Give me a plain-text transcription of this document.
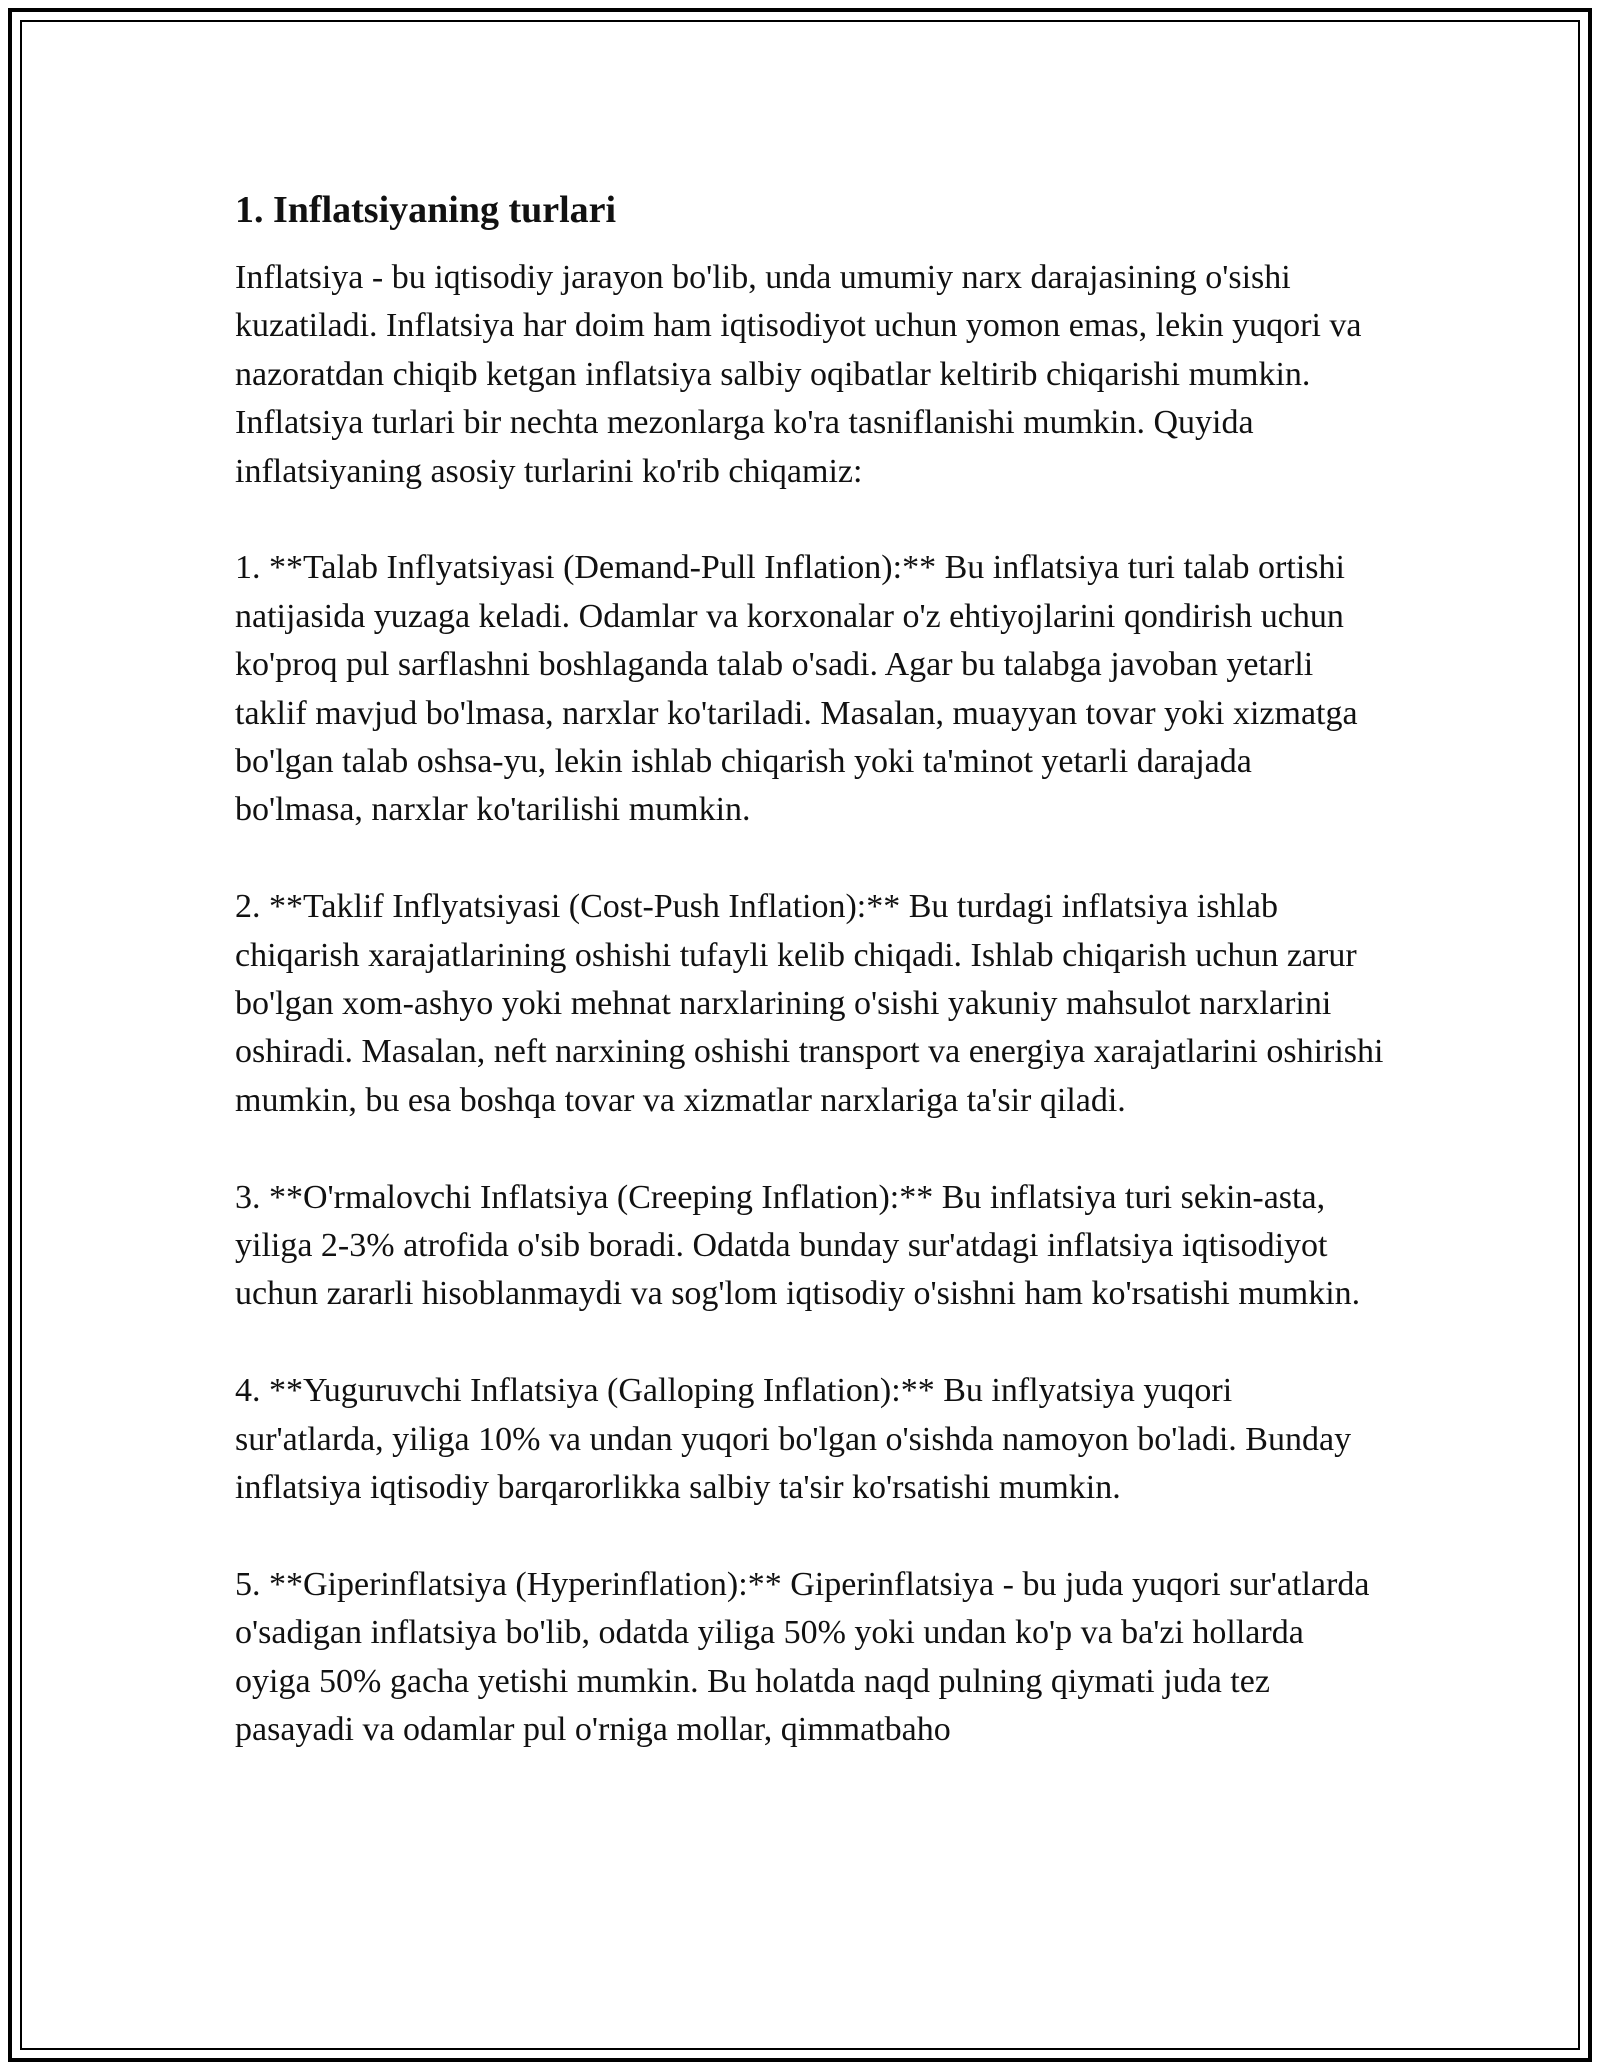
1. Inflatsiyaning turlari

Inflatsiya - bu iqtisodiy jarayon bo'lib, unda umumiy narx darajasining o'sishi kuzatiladi. Inflatsiya har doim ham iqtisodiyot uchun yomon emas, lekin yuqori va nazoratdan chiqib ketgan inflatsiya salbiy oqibatlar keltirib chiqarishi mumkin. Inflatsiya turlari bir nechta mezonlarga ko'ra tasniflanishi mumkin. Quyida inflatsiyaning asosiy turlarini ko'rib chiqamiz:

1. **Talab Inflyatsiyasi (Demand-Pull Inflation):** Bu inflatsiya turi talab ortishi natijasida yuzaga keladi. Odamlar va korxonalar o'z ehtiyojlarini qondirish uchun ko'proq pul sarflashni boshlaganda talab o'sadi. Agar bu talabga javoban yetarli taklif mavjud bo'lmasa, narxlar ko'tariladi. Masalan, muayyan tovar yoki xizmatga bo'lgan talab oshsa-yu, lekin ishlab chiqarish yoki ta'minot yetarli darajada bo'lmasa, narxlar ko'tarilishi mumkin.

2. **Taklif Inflyatsiyasi (Cost-Push Inflation):** Bu turdagi inflatsiya ishlab chiqarish xarajatlarining oshishi tufayli kelib chiqadi. Ishlab chiqarish uchun zarur bo'lgan xom-ashyo yoki mehnat narxlarining o'sishi yakuniy mahsulot narxlarini oshiradi. Masalan, neft narxining oshishi transport va energiya xarajatlarini oshirishi mumkin, bu esa boshqa tovar va xizmatlar narxlariga ta'sir qiladi.

3. **O'rmalovchi Inflatsiya (Creeping Inflation):** Bu inflatsiya turi sekin-asta, yiliga 2-3% atrofida o'sib boradi. Odatda bunday sur'atdagi inflatsiya iqtisodiyot uchun zararli hisoblanmaydi va sog'lom iqtisodiy o'sishni ham ko'rsatishi mumkin.

4. **Yuguruvchi Inflatsiya (Galloping Inflation):** Bu inflyatsiya yuqori sur'atlarda, yiliga 10% va undan yuqori bo'lgan o'sishda namoyon bo'ladi. Bunday inflatsiya iqtisodiy barqarorlikka salbiy ta'sir ko'rsatishi mumkin.

5. **Giperinflatsiya (Hyperinflation):** Giperinflatsiya - bu juda yuqori sur'atlarda o'sadigan inflatsiya bo'lib, odatda yiliga 50% yoki undan ko'p va ba'zi hollarda oyiga 50% gacha yetishi mumkin. Bu holatda naqd pulning qiymati juda tez pasayadi va odamlar pul o'rniga mollar, qimmatbaho
